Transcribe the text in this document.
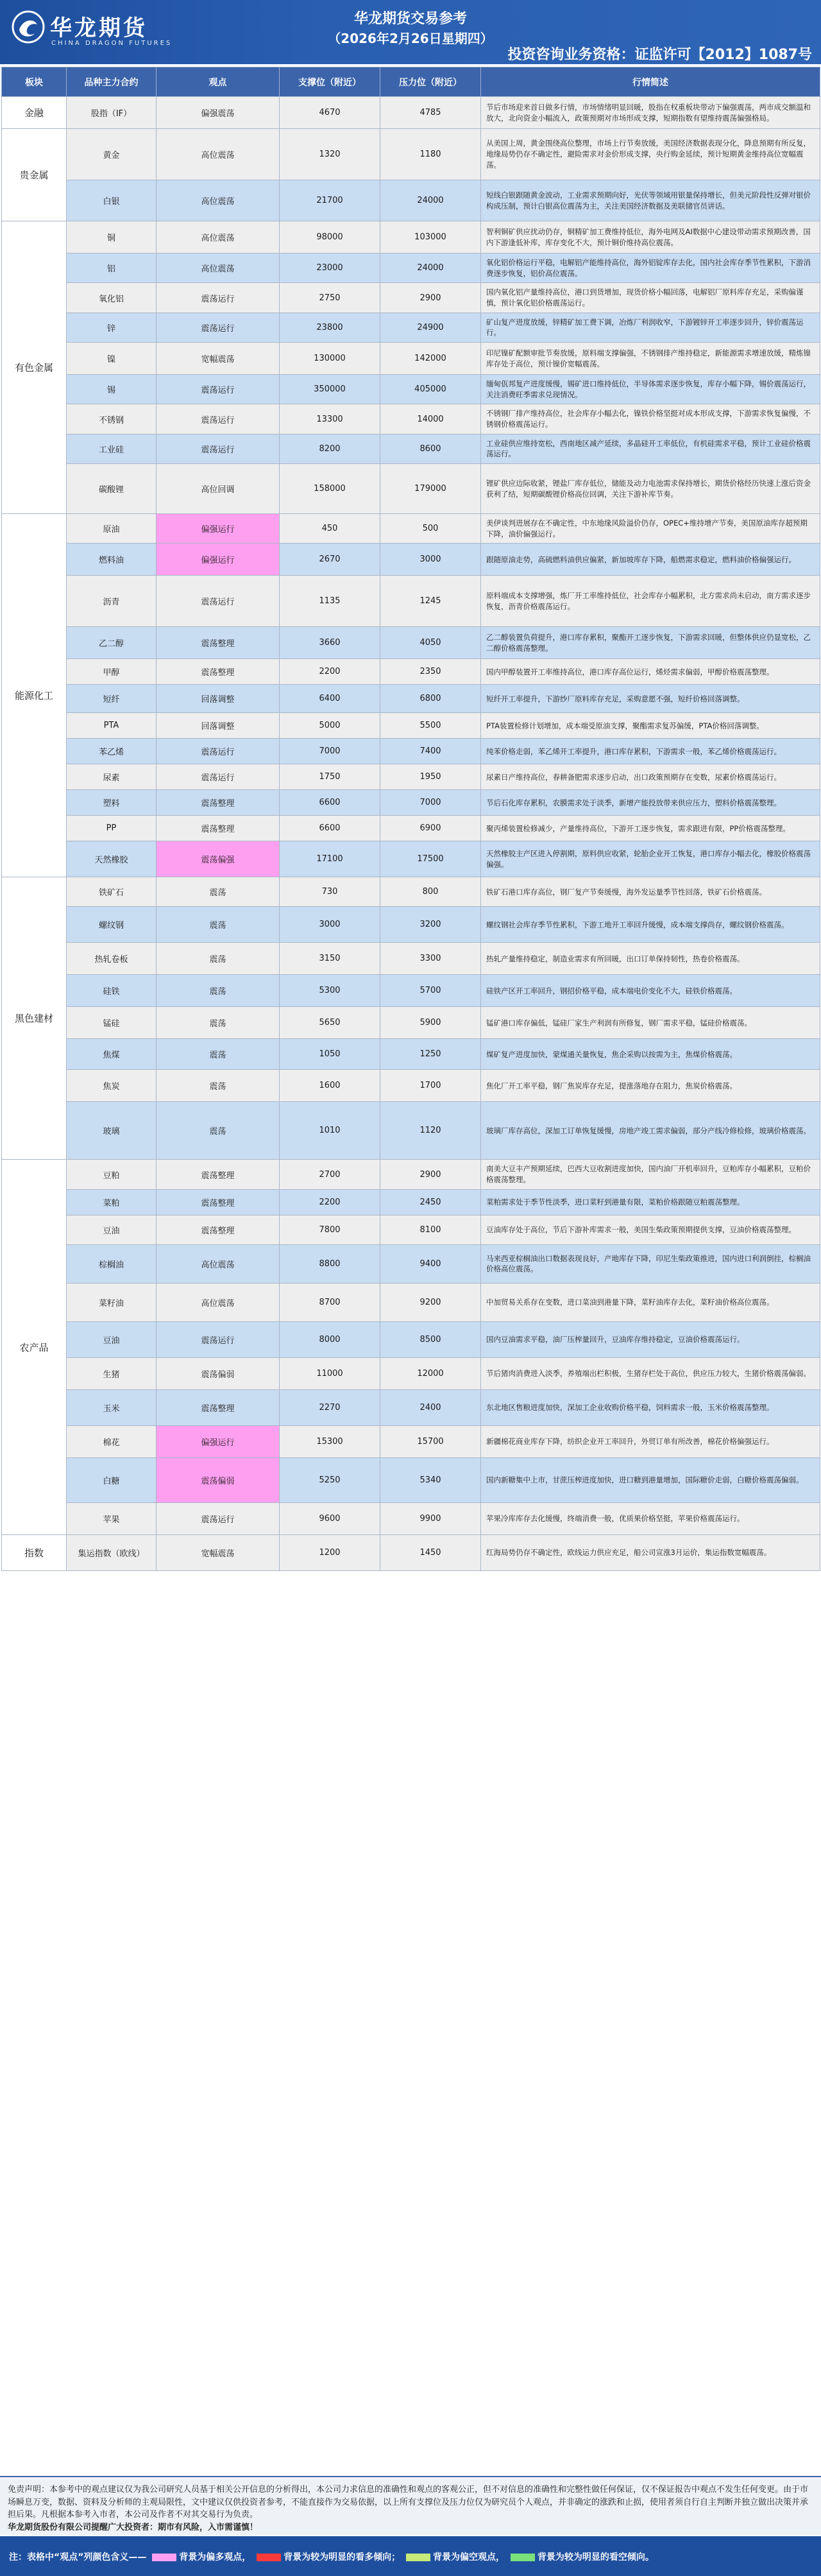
华龙期货
CHINA DRAGON FUTURES
华龙期货交易参考
（2026年2月26日星期四）
投资咨询业务资格：证监许可【2012】1087号
板块	品种主力合约	观点	支撑位（附近）	压力位（附近）	行情简述
金融	股指（IF）	偏强震荡	4670	4785	节后市场迎来首日做多行情，市场情绪明显回暖，股指在权重板块带动下偏强震荡，两市成交额温和放大，北向资金小幅流入，政策预期对市场形成支撑，短期指数有望维持震荡偏强格局。
贵金属	黄金	高位震荡	1320	1180	从美国上周，黄金围绕高位整理，市场上行节奏放缓，美国经济数据表现分化，降息预期有所反复，地缘局势仍存不确定性，避险需求对金价形成支撑，央行购金延续，预计短期黄金维持高位宽幅震荡。
	白银	高位震荡	21700	24000	短线白银跟随黄金波动，工业需求预期向好，光伏等领域用银量保持增长，但美元阶段性反弹对银价构成压制，预计白银高位震荡为主，关注美国经济数据及美联储官员讲话。
有色金属	铜	高位震荡	98000	103000	智利铜矿供应扰动仍存，铜精矿加工费维持低位，海外电网及AI数据中心建设带动需求预期改善，国内下游逢低补库，库存变化不大，预计铜价维持高位震荡。
	铝	高位震荡	23000	24000	氧化铝价格运行平稳，电解铝产能维持高位，海外铝锭库存去化，国内社会库存季节性累积，下游消费逐步恢复，铝价高位震荡。
	氧化铝	震荡运行	2750	2900	国内氧化铝产量维持高位，港口到货增加，现货价格小幅回落，电解铝厂原料库存充足，采购偏谨慎，预计氧化铝价格震荡运行。
	锌	震荡运行	23800	24900	矿山复产进度放缓，锌精矿加工费下调，冶炼厂利润收窄，下游镀锌开工率逐步回升，锌价震荡运行。
	镍	宽幅震荡	130000	142000	印尼镍矿配额审批节奏放缓，原料端支撑偏强，不锈钢排产维持稳定，新能源需求增速放缓，精炼镍库存处于高位，预计镍价宽幅震荡。
	锡	震荡运行	350000	405000	缅甸佤邦复产进度缓慢，锡矿进口维持低位，半导体需求逐步恢复，库存小幅下降，锡价震荡运行，关注消费旺季需求兑现情况。
	不锈钢	震荡运行	13300	14000	不锈钢厂排产维持高位，社会库存小幅去化，镍铁价格坚挺对成本形成支撑，下游需求恢复偏慢，不锈钢价格震荡运行。
	工业硅	震荡运行	8200	8600	工业硅供应维持宽松，西南地区减产延续，多晶硅开工率低位，有机硅需求平稳，预计工业硅价格震荡运行。
	碳酸锂	高位回调	158000	179000	锂矿供应边际收紧，锂盐厂库存低位，储能及动力电池需求保持增长，期货价格经历快速上涨后资金获利了结，短期碳酸锂价格高位回调，关注下游补库节奏。
能源化工	原油	偏强运行	450	500	美伊谈判进展存在不确定性，中东地缘风险溢价仍存，OPEC+维持增产节奏，美国原油库存超预期下降，油价偏强运行。
	燃料油	偏强运行	2670	3000	跟随原油走势，高硫燃料油供应偏紧，新加坡库存下降，船燃需求稳定，燃料油价格偏强运行。
	沥青	震荡运行	1135	1245	原料端成本支撑增强，炼厂开工率维持低位，社会库存小幅累积，北方需求尚未启动，南方需求逐步恢复，沥青价格震荡运行。
	乙二醇	震荡整理	3660	4050	乙二醇装置负荷提升，港口库存累积，聚酯开工逐步恢复，下游需求回暖，但整体供应仍显宽松，乙二醇价格震荡整理。
	甲醇	震荡整理	2200	2350	国内甲醇装置开工率维持高位，港口库存高位运行，烯烃需求偏弱，甲醇价格震荡整理。
	短纤	回落调整	6400	6800	短纤开工率提升，下游纱厂原料库存充足，采购意愿不强，短纤价格回落调整。
	PTA	回落调整	5000	5500	PTA装置检修计划增加，成本端受原油支撑，聚酯需求复苏偏缓，PTA价格回落调整。
	苯乙烯	震荡运行	7000	7400	纯苯价格走弱，苯乙烯开工率提升，港口库存累积，下游需求一般，苯乙烯价格震荡运行。
	尿素	震荡运行	1750	1950	尿素日产维持高位，春耕备肥需求逐步启动，出口政策预期存在变数，尿素价格震荡运行。
	塑料	震荡整理	6600	7000	节后石化库存累积，农膜需求处于淡季，新增产能投放带来供应压力，塑料价格震荡整理。
	PP	震荡整理	6600	6900	聚丙烯装置检修减少，产量维持高位，下游开工逐步恢复，需求跟进有限，PP价格震荡整理。
	天然橡胶	震荡偏强	17100	17500	天然橡胶主产区进入停割期，原料供应收紧，轮胎企业开工恢复，港口库存小幅去化，橡胶价格震荡偏强。
黑色建材	铁矿石	震荡	730	800	铁矿石港口库存高位，钢厂复产节奏缓慢，海外发运量季节性回落，铁矿石价格震荡。
	螺纹钢	震荡	3000	3200	螺纹钢社会库存季节性累积，下游工地开工率回升缓慢，成本端支撑尚存，螺纹钢价格震荡。
	热轧卷板	震荡	3150	3300	热轧产量维持稳定，制造业需求有所回暖，出口订单保持韧性，热卷价格震荡。
	硅铁	震荡	5300	5700	硅铁产区开工率回升，钢招价格平稳，成本端电价变化不大，硅铁价格震荡。
	锰硅	震荡	5650	5900	锰矿港口库存偏低，锰硅厂家生产利润有所修复，钢厂需求平稳，锰硅价格震荡。
	焦煤	震荡	1050	1250	煤矿复产进度加快，蒙煤通关量恢复，焦企采购以按需为主，焦煤价格震荡。
	焦炭	震荡	1600	1700	焦化厂开工率平稳，钢厂焦炭库存充足，提涨落地存在阻力，焦炭价格震荡。
	玻璃	震荡	1010	1120	玻璃厂库存高位，深加工订单恢复缓慢，房地产竣工需求偏弱，部分产线冷修检修，玻璃价格震荡。
农产品	豆粕	震荡整理	2700	2900	南美大豆丰产预期延续，巴西大豆收割进度加快，国内油厂开机率回升，豆粕库存小幅累积，豆粕价格震荡整理。
	菜粕	震荡整理	2200	2450	菜粕需求处于季节性淡季，进口菜籽到港量有限，菜粕价格跟随豆粕震荡整理。
	豆油	震荡整理	7800	8100	豆油库存处于高位，节后下游补库需求一般，美国生柴政策预期提供支撑，豆油价格震荡整理。
	棕榈油	高位震荡	8800	9400	马来西亚棕榈油出口数据表现良好，产地库存下降，印尼生柴政策推进，国内进口利润倒挂，棕榈油价格高位震荡。
	菜籽油	高位震荡	8700	9200	中加贸易关系存在变数，进口菜油到港量下降，菜籽油库存去化，菜籽油价格高位震荡。
	豆油	震荡运行	8000	8500	国内豆油需求平稳，油厂压榨量回升，豆油库存维持稳定，豆油价格震荡运行。
	生猪	震荡偏弱	11000	12000	节后猪肉消费进入淡季，养殖端出栏积极，生猪存栏处于高位，供应压力较大，生猪价格震荡偏弱。
	玉米	震荡整理	2270	2400	东北地区售粮进度加快，深加工企业收购价格平稳，饲料需求一般，玉米价格震荡整理。
	棉花	偏强运行	15300	15700	新疆棉花商业库存下降，纺织企业开工率回升，外贸订单有所改善，棉花价格偏强运行。
	白糖	震荡偏弱	5250	5340	国内新糖集中上市，甘蔗压榨进度加快，进口糖到港量增加，国际糖价走弱，白糖价格震荡偏弱。
	苹果	震荡运行	9600	9900	苹果冷库库存去化缓慢，终端消费一般，优质果价格坚挺，苹果价格震荡运行。
指数	集运指数（欧线）	宽幅震荡	1200	1450	红海局势仍存不确定性，欧线运力供应充足，船公司宣涨3月运价，集运指数宽幅震荡。
免责声明：本参考中的观点建议仅为我公司研究人员基于相关公开信息的分析得出，本公司力求信息的准确性和观点的客观公正，但不对信息的准确性和完整性做任何保证，仅不保证报告中观点不发生任何变更。由于市场瞬息万变，数据、资料及分析师的主观局限性，文中建议仅供投资者参考，不能直接作为交易依据，以上所有支撑位及压力位仅为研究员个人观点，并非确定的涨跌和止损，使用者须自行自主判断并独立做出决策并承担后果。凡根据本参考入市者，本公司及作者不对其交易行为负责。
华龙期货股份有限公司提醒广大投资者：期市有风险，入市需谨慎！
注：表格中“观点”列颜色含义——	背景为偏多观点，	背景为较为明显的看多倾向；	背景为偏空观点，	背景为较为明显的看空倾向。
